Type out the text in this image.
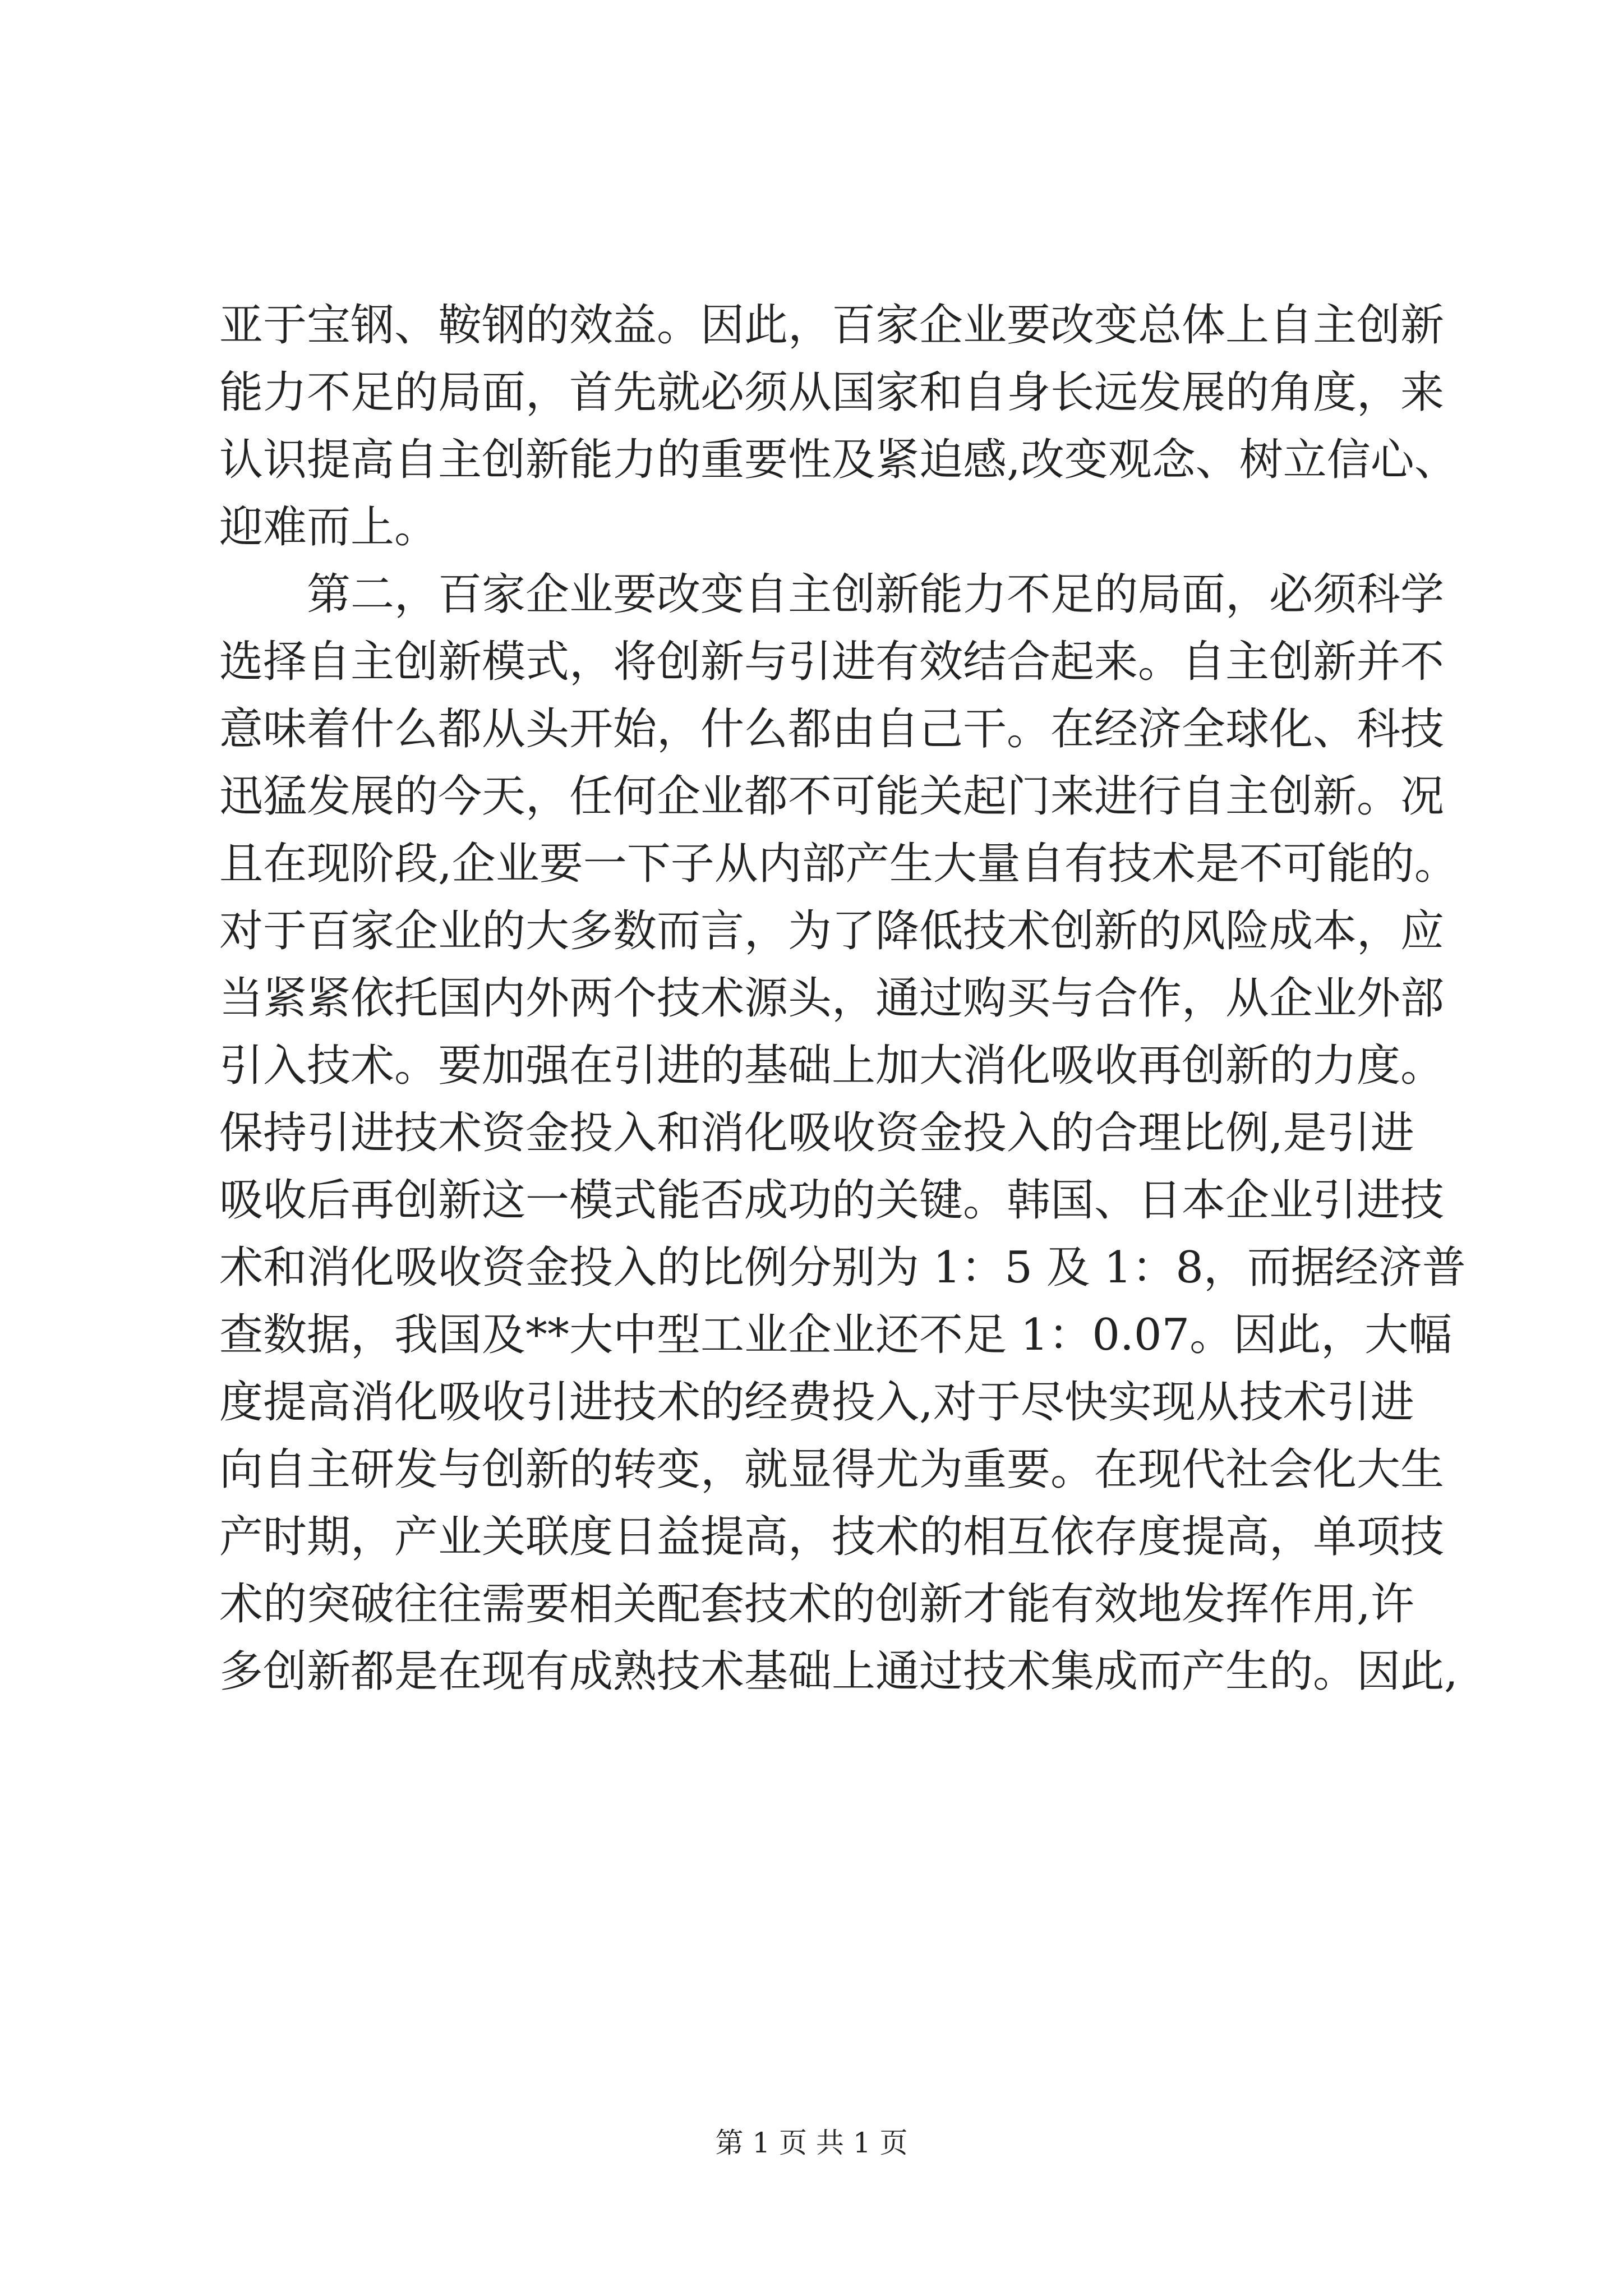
亚于宝钢、鞍钢的效益。因此，百家企业要改变总体上自主创新
能力不足的局面，首先就必须从国家和自身长远发展的角度，来
认识提高自主创新能力的重要性及紧迫感,改变观念、树立信心、
迎难而上。
第二，百家企业要改变自主创新能力不足的局面，必须科学
选择自主创新模式，将创新与引进有效结合起来。自主创新并不
意味着什么都从头开始，什么都由自己干。在经济全球化、科技
迅猛发展的今天，任何企业都不可能关起门来进行自主创新。况
且在现阶段,企业要一下子从内部产生大量自有技术是不可能的。
对于百家企业的大多数而言，为了降低技术创新的风险成本，应
当紧紧依托国内外两个技术源头，通过购买与合作，从企业外部
引入技术。要加强在引进的基础上加大消化吸收再创新的力度。
保持引进技术资金投入和消化吸收资金投入的合理比例,是引进
吸收后再创新这一模式能否成功的关键。韩国、日本企业引进技
术和消化吸收资金投入的比例分别为 1：5 及 1：8，而据经济普
查数据，我国及**大中型工业企业还不足 1：0.07。因此，大幅
度提高消化吸收引进技术的经费投入,对于尽快实现从技术引进
向自主研发与创新的转变，就显得尤为重要。在现代社会化大生
产时期，产业关联度日益提高，技术的相互依存度提高，单项技
术的突破往往需要相关配套技术的创新才能有效地发挥作用,许
多创新都是在现有成熟技术基础上通过技术集成而产生的。因此,
第 1 页 共 1 页
